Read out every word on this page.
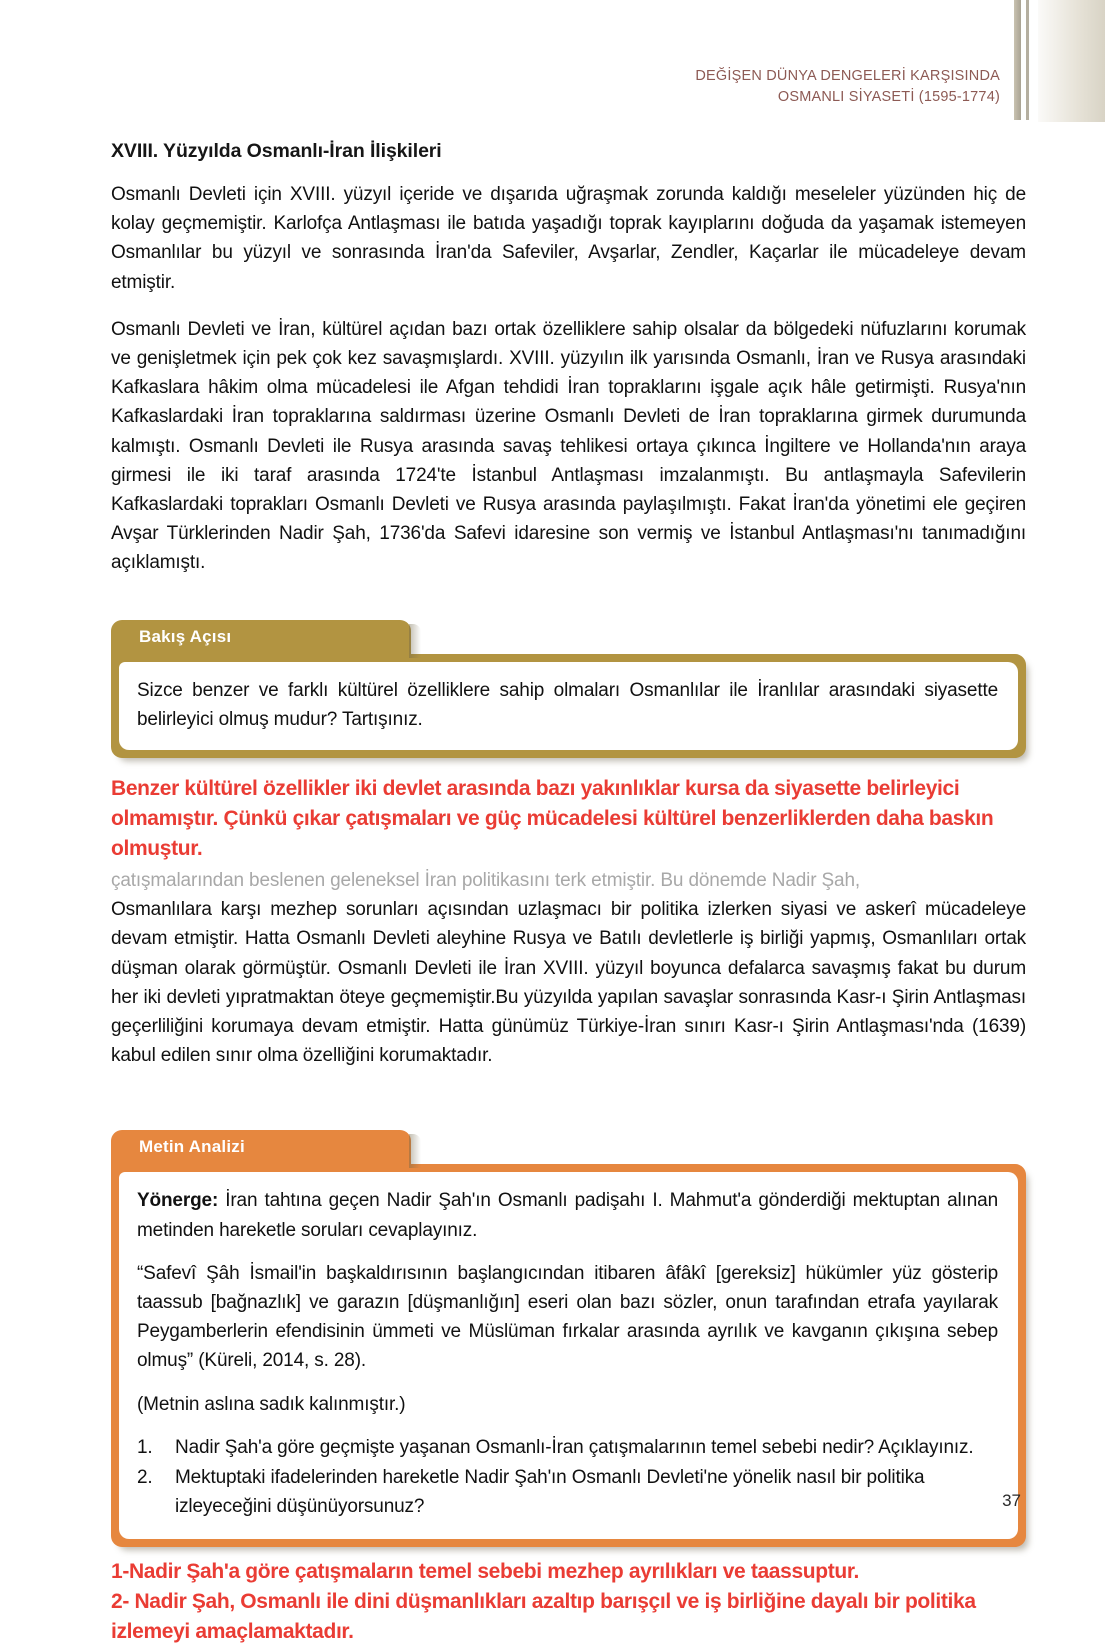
DEĞİŞEN DÜNYA DENGELERİ KARŞISINDA
OSMANLI SİYASETİ (1595-1774)
XVIII. Yüzyılda Osmanlı-İran İlişkileri

Osmanlı Devleti için XVIII. yüzyıl içeride ve dışarıda uğraşmak zorunda kaldığı meseleler yüzünden hiç de kolay geçmemiştir. Karlofça Antlaşması ile batıda yaşadığı toprak kayıplarını doğuda da yaşamak istemeyen Osmanlılar bu yüzyıl ve sonrasında İran'da Safeviler, Avşarlar, Zendler, Kaçarlar ile mücadeleye devam etmiştir.

Osmanlı Devleti ve İran, kültürel açıdan bazı ortak özelliklere sahip olsalar da bölgedeki nüfuzlarını korumak ve genişletmek için pek çok kez savaşmışlardı. XVIII. yüzyılın ilk yarısında Osmanlı, İran ve Rusya arasındaki Kafkaslara hâkim olma mücadelesi ile Afgan tehdidi İran topraklarını işgale açık hâle getirmişti. Rusya'nın Kafkaslardaki İran topraklarına saldırması üzerine Osmanlı Devleti de İran topraklarına girmek durumunda kalmıştı. Osmanlı Devleti ile Rusya arasında savaş tehlikesi ortaya çıkınca İngiltere ve Hollanda'nın araya girmesi ile iki taraf arasında 1724'te İstanbul Antlaşması imzalanmıştı. Bu antlaşmayla Safevilerin Kafkaslardaki toprakları Osmanlı Devleti ve Rusya arasında paylaşılmıştı. Fakat İran'da yönetimi ele geçiren Avşar Türklerinden Nadir Şah, 1736'da Safevi idaresine son vermiş ve İstanbul Antlaşması'nı tanımadığını açıklamıştı.

Bakış Açısı

Sizce benzer ve farklı kültürel özelliklere sahip olmaları Osmanlılar ile İranlılar arasındaki siyasette belirleyici olmuş mudur? Tartışınız.

Benzer kültürel özellikler iki devlet arasında bazı yakınlıklar kursa da siyasette belirleyici olmamıştır. Çünkü çıkar çatışmaları ve güç mücadelesi kültürel benzerliklerden daha baskın olmuştur.

çatışmalarından beslenen geleneksel İran politikasını terk etmiştir. Bu dönemde Nadir Şah,
Osmanlılara karşı mezhep sorunları açısından uzlaşmacı bir politika izlerken siyasi ve askerî mücadeleye devam etmiştir. Hatta Osmanlı Devleti aleyhine Rusya ve Batılı devletlerle iş birliği yapmış, Osmanlıları ortak düşman olarak görmüştür. Osmanlı Devleti ile İran XVIII. yüzyıl boyunca defalarca savaşmış fakat bu durum her iki devleti yıpratmaktan öteye geçmemiştir.Bu yüzyılda yapılan savaşlar sonrasında Kasr-ı Şirin Antlaşması geçerliliğini korumaya devam etmiştir. Hatta günümüz Türkiye-İran sınırı Kasr-ı Şirin Antlaşması'nda (1639) kabul edilen sınır olma özelliğini korumaktadır.

Metin Analizi

Yönerge: İran tahtına geçen Nadir Şah'ın Osmanlı padişahı I. Mahmut'a gönderdiği mektuptan alınan metinden hareketle soruları cevaplayınız.

“Safevî Şâh İsmail'in başkaldırısının başlangıcından itibaren âfâkî [gereksiz] hükümler yüz gösterip taassub [bağnazlık] ve garazın [düşmanlığın] eseri olan bazı sözler, onun tarafından etrafa yayılarak Peygamberlerin efendisinin ümmeti ve Müslüman fırkalar arasında ayrılık ve kavganın çıkışına sebep olmuş” (Küreli, 2014, s. 28).

(Metnin aslına sadık kalınmıştır.)

Nadir Şah'a göre geçmişte yaşanan Osmanlı-İran çatışmalarının temel sebebi nedir? Açıklayınız.
Mektuptaki ifadelerinden hareketle Nadir Şah'ın Osmanlı Devleti'ne yönelik nasıl bir politika izleyeceğini düşünüyorsunuz?
1-Nadir Şah'a göre çatışmaların temel sebebi mezhep ayrılıkları ve taassuptur.
2- Nadir Şah, Osmanlı ile dini düşmanlıkları azaltıp barışçıl ve iş birliğine dayalı bir politika izlemeyi amaçlamaktadır.
37
